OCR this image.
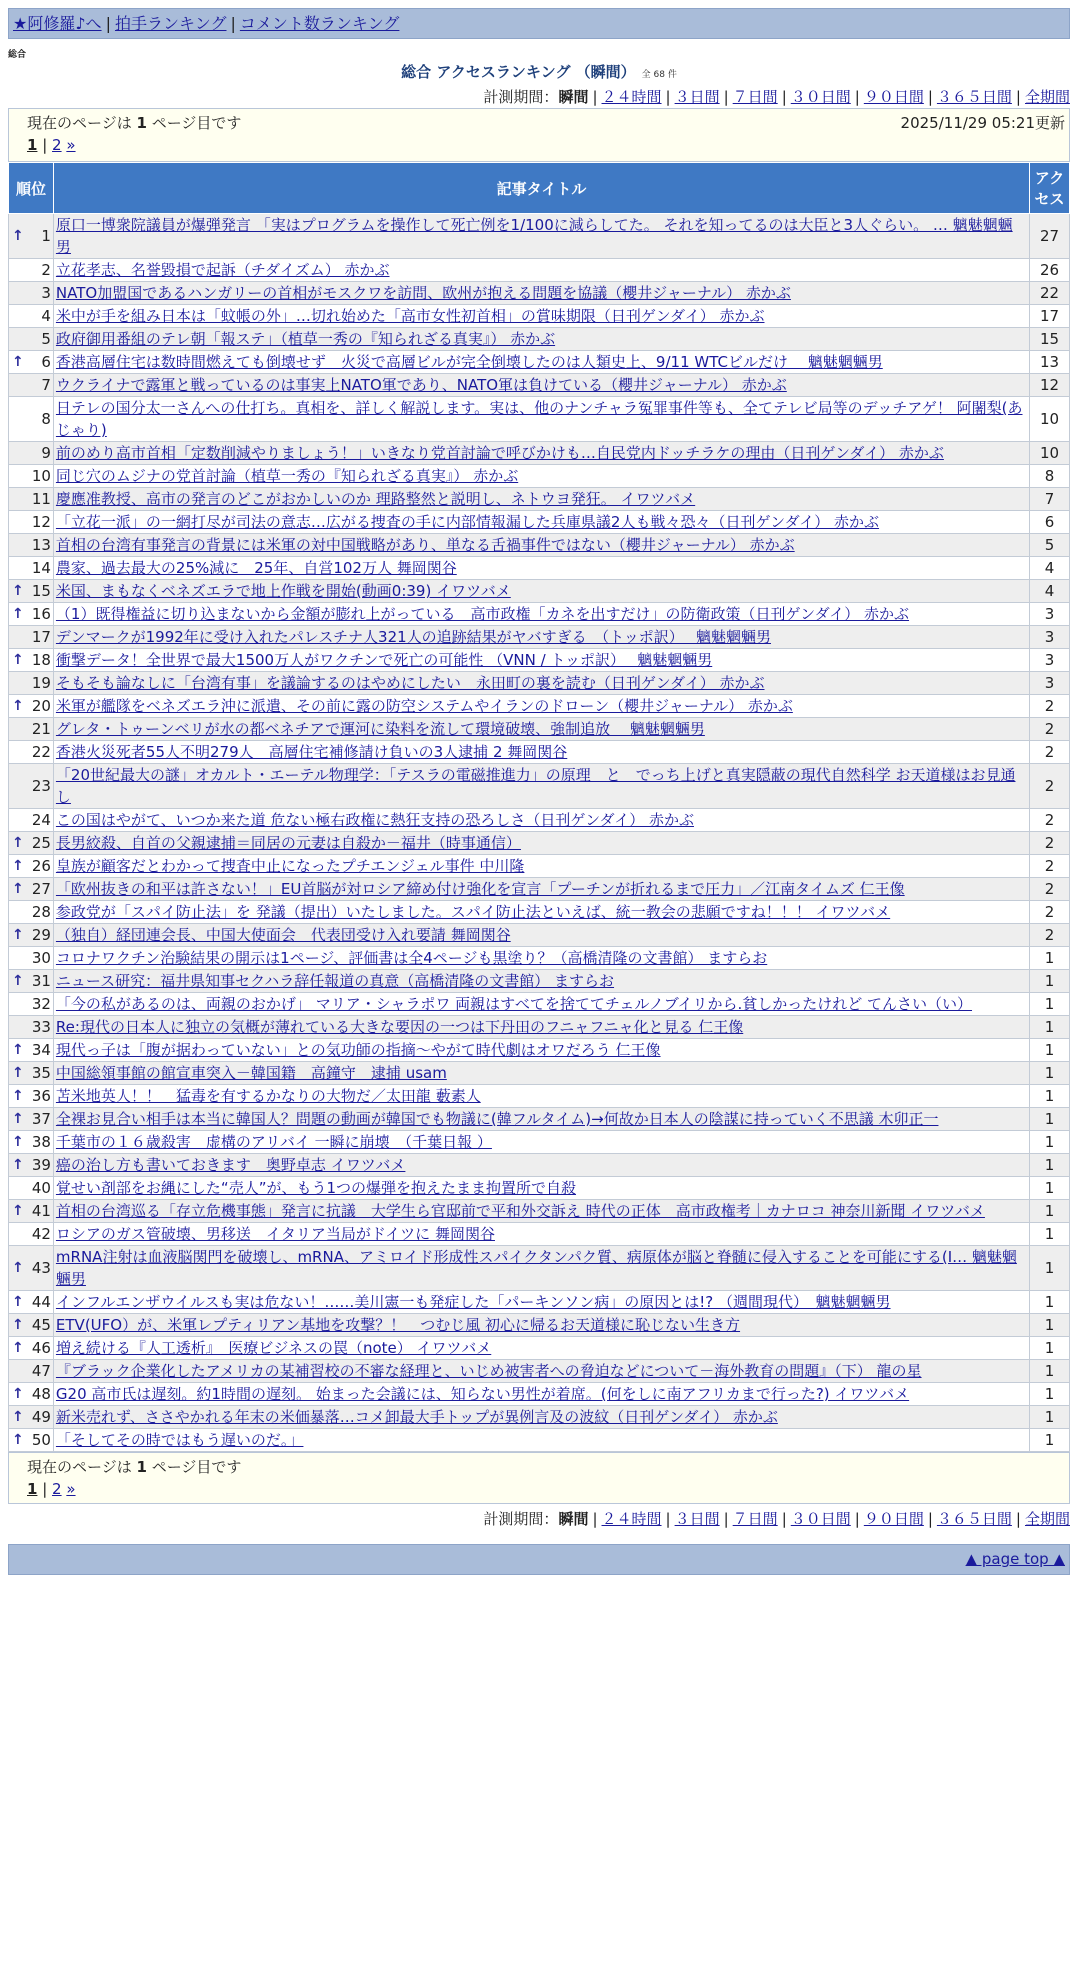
★阿修羅♪へ | 拍手ランキング | コメント数ランキング
総合
総合 アクセスランキング （瞬間） 全 68 件
計測期間：瞬間 | ２４時間 | ３日間 | ７日間 | ３０日間 | ９０日間 | ３６５日間 | 全期間
現在のページは 1 ページ目です	2025/11/29 05:21更新
1 | 2 »
順位	記事タイトル	アクセス

↑ 1	原口一博衆院議員が爆弾発言 「実はプログラムを操作して死亡例を1/100に減らしてた。 それを知ってるのは大臣と3人ぐらい。 … 魑魅魍魎男	27
2	立花孝志、名誉毀損で起訴（チダイズム） 赤かぶ	26
3	NATO加盟国であるハンガリーの首相がモスクワを訪問、欧州が抱える問題を協議（櫻井ジャーナル） 赤かぶ	22
4	米中が手を組み日本は「蚊帳の外」…切れ始めた「高市女性初首相」の賞味期限（日刊ゲンダイ） 赤かぶ	17
5	政府御用番組のテレ朝「報ステ」（植草一秀の『知られざる真実』） 赤かぶ	15

↑ 6	香港高層住宅は数時間燃えても倒壊せず　火災で高層ビルが完全倒壊したのは人類史上、9/11 WTCビルだけ　 魑魅魍魎男	13
7	ウクライナで露軍と戦っているのは事実上NATO軍であり、NATO軍は負けている（櫻井ジャーナル） 赤かぶ	12
8	日テレの国分太一さんへの仕打ち。真相を、詳しく解説します。実は、他のナンチャラ冤罪事件等も、全てテレビ局等のデッチアゲ！ 阿闍梨(あじゃり)	10
9	前のめり高市首相「定数削減やりましょう！」いきなり党首討論で呼びかけも…自民党内ドッチラケの理由（日刊ゲンダイ） 赤かぶ	10
10	同じ穴のムジナの党首討論（植草一秀の『知られざる真実』） 赤かぶ	8
11	慶應准教授、高市の発言のどこがおかしいのか 理路整然と説明し、ネトウヨ発狂。 イワツバメ	7
12	「立花一派」の一網打尽が司法の意志…広がる捜査の手に内部情報漏した兵庫県議2人も戦々恐々（日刊ゲンダイ） 赤かぶ	6
13	首相の台湾有事発言の背景には米軍の対中国戦略があり、単なる舌禍事件ではない（櫻井ジャーナル） 赤かぶ	5
14	農家、過去最大の25%減に　25年、自営102万人 舞岡関谷	4

↑ 15	米国、まもなくベネズエラで地上作戦を開始(動画0:39) イワツバメ	4

↑ 16	（1）既得権益に切り込まないから金額が膨れ上がっている　高市政権「カネを出すだけ」の防衛政策（日刊ゲンダイ） 赤かぶ	3
17	デンマークが1992年に受け入れたパレスチナ人321人の追跡結果がヤバすぎる　（トッポ訳）　 魑魅魍魎男	3

↑ 18	衝撃データ！全世界で最大1500万人がワクチンで死亡の可能性 （VNN / トッポ訳）　 魑魅魍魎男	3
19	そもそも論なしに「台湾有事」を議論するのはやめにしたい　永田町の裏を読む（日刊ゲンダイ） 赤かぶ	3

↑ 20	米軍が艦隊をベネズエラ沖に派遣、その前に露の防空システムやイランのドローン（櫻井ジャーナル） 赤かぶ	2
21	グレタ・トゥーンベリが水の都ベネチアで運河に染料を流して環境破壊、強制追放　 魑魅魍魎男	2
22	香港火災死者55人不明279人　高層住宅補修請け負いの3人逮捕 2 舞岡関谷	2
23	「20世紀最大の謎」オカルト・エーテル物理学：「テスラの電磁推進力」の原理　と　でっち上げと真実隠蔽の現代自然科学 お天道様はお見通し	2
24	この国はやがて、いつか来た道 危ない極右政権に熱狂支持の恐ろしさ（日刊ゲンダイ） 赤かぶ	2

↑ 25	長男絞殺、自首の父親逮捕＝同居の元妻は自殺か－福井（時事通信）	2

↑ 26	皇族が顧客だとわかって捜査中止になったプチエンジェル事件 中川隆	2

↑ 27	「欧州抜きの和平は許さない！」EU首脳が対ロシア締め付け強化を宣言「プーチンが折れるまで圧力」／江南タイムズ 仁王像	2
28	参政党が「スパイ防止法」を 発議（提出）いたしました。スパイ防止法といえば、統一教会の悲願ですね！！！ イワツバメ	2

↑ 29	（独自）経団連会長、中国大使面会　代表団受け入れ要請 舞岡関谷	2
30	コロナワクチン治験結果の開示は1ページ、評価書は全4ページも黒塗り？（高橋清隆の文書館） ますらお	1

↑ 31	ニュース研究：福井県知事セクハラ辞任報道の真意（高橋清隆の文書館） ますらお	1
32	「今の私があるのは、両親のおかげ」 マリア・シャラポワ 両親はすべてを捨ててチェルノブイリから.貧しかったけれど てんさい（い）	1
33	Re:現代の日本人に独立の気概が薄れている大きな要因の一つは下丹田のフニャフニャ化と見る 仁王像	1

↑ 34	現代っ子は「腹が据わっていない」との気功師の指摘～やがて時代劇はオワだろう 仁王像	1

↑ 35	中国総領事館の館宣車突入－韓国籍　高鐘守　逮捕 usam	1

↑ 36	苫米地英人！！　猛毒を有するかなりの大物だ／太田龍 藪素人	1

↑ 37	全裸お見合い相手は本当に韓国人？問題の動画が韓国でも物議に(韓フルタイム)→何故か日本人の陰謀に持っていく不思議 木卯正一	1

↑ 38	千葉市の１６歳殺害　虚構のアリバイ 一瞬に崩壊　（千葉日報 ）	1

↑ 39	癌の治し方も書いておきます　奥野卓志 イワツバメ	1
40	覚せい剤部をお縄にした“売人”が、もう1つの爆弾を抱えたまま拘置所で自殺	1

↑ 41	首相の台湾巡る「存立危機事態」発言に抗議　大学生ら官邸前で平和外交訴え 時代の正体　高市政権考｜カナロコ 神奈川新聞 イワツバメ	1
42	ロシアのガス管破壊、男移送　イタリア当局がドイツに 舞岡関谷	1

↑ 43	mRNA注射は血液脳関門を破壊し、mRNA、アミロイド形成性スパイクタンパク質、病原体が脳と脊髄に侵入することを可能にする(I… 魑魅魍魎男	1

↑ 44	インフルエンザウイルスも実は危ない！……美川憲一も発症した「パーキンソン病」の原因とは!? （週間現代）　魑魅魍魎男	1

↑ 45	ETV(UFO）が、米軍レプティリアン基地を攻撃？！　つむじ風 初心に帰るお天道様に恥じない生き方	1

↑ 46	増え続ける『人工透析』　医療ビジネスの罠（note） イワツバメ	1
47	『ブラック企業化したアメリカの某補習校の不審な経理と、いじめ被害者への脅迫などについて－海外教育の問題』（下） 龍の星	1

↑ 48	G20 高市氏は遅刻。約1時間の遅刻。 始まった会議には、知らない男性が着席。(何をしに南アフリカまで行った?) イワツバメ	1

↑ 49	新米売れず、ささやかれる年末の米価暴落…コメ卸最大手トップが異例言及の波紋（日刊ゲンダイ） 赤かぶ	1

↑ 50	「そしてその時ではもう遅いのだ。」	1
現在のページは 1 ページ目です
1 | 2 »
計測期間：瞬間 | ２４時間 | ３日間 | ７日間 | ３０日間 | ９０日間 | ３６５日間 | 全期間
▲ page top ▲
